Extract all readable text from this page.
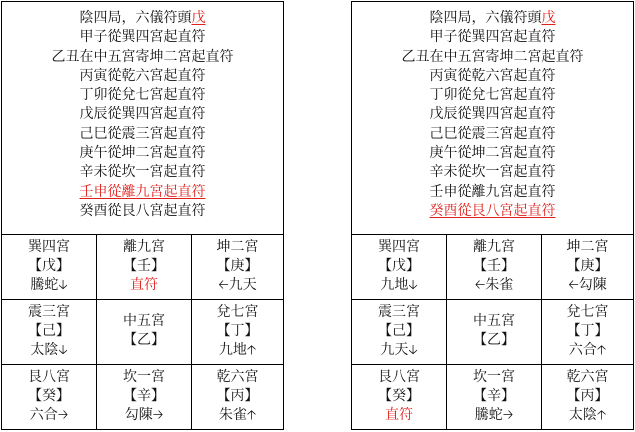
陰四局，六儀符頭戊
甲子從巽四宮起直符
乙丑在中五宮寄坤二宮起直符
丙寅從乾六宮起直符
丁卯從兌七宮起直符
戊辰從巽四宮起直符
己巳從震三宮起直符
庚午從坤二宮起直符
辛未從坎一宮起直符
壬申從離九宮起直符
癸酉從艮八宮起直符
巽四宮
【戊】
騰蛇🡣
離九宮
【壬】
直符
坤二宮
【庚】
🡠九天
震三宮
【己】
太陰🡣
中五宮
【乙】
兌七宮
【丁】
九地🡡
艮八宮
【癸】
六合🡢
坎一宮
【辛】
勾陳🡢
乾六宮
【丙】
朱雀🡡
陰四局，六儀符頭戊
甲子從巽四宮起直符
乙丑在中五宮寄坤二宮起直符
丙寅從乾六宮起直符
丁卯從兌七宮起直符
戊辰從巽四宮起直符
己巳從震三宮起直符
庚午從坤二宮起直符
辛未從坎一宮起直符
壬申從離九宮起直符
癸酉從艮八宮起直符
巽四宮
【戊】
九地🡣
離九宮
【壬】
🡠朱雀
坤二宮
【庚】
🡠勾陳
震三宮
【己】
九天🡣
中五宮
【乙】
兌七宮
【丁】
六合🡡
艮八宮
【癸】
直符
坎一宮
【辛】
騰蛇🡢
乾六宮
【丙】
太陰🡡
